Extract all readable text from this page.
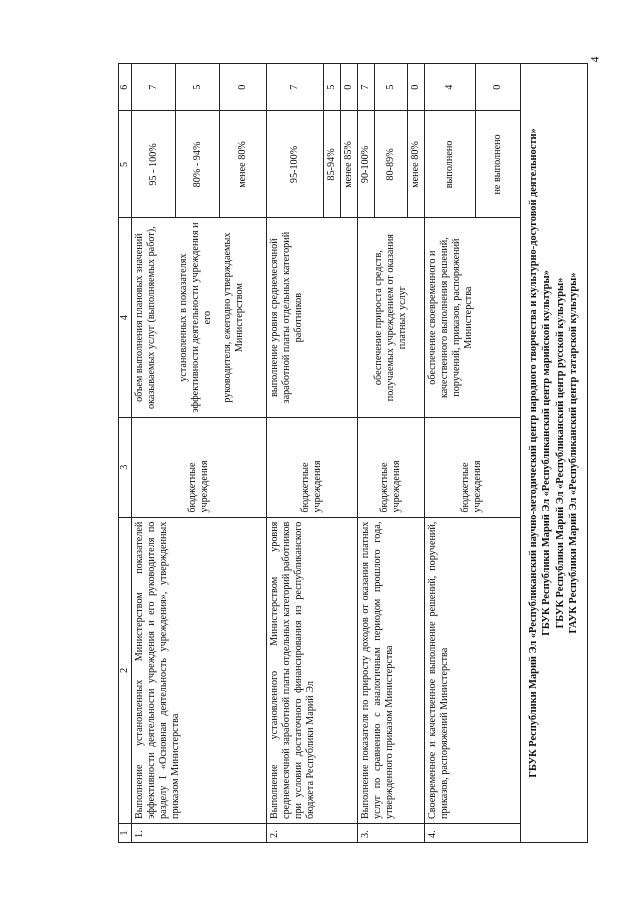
4
1	2	3	4	5	6
1.	Выполнение установленных Министерством показателей эффективности деятельности учреждения и его руководителя по разделу I «Основная деятельность учреждения», утвержденных приказом Министерства	бюджетные учреждения	объем выполнения плановых значений оказываемых услуг (выполняемых работ),	95 - 100%	7
			установленных в показателях эффективности деятельности учреждения и его	80% - 94%	5
			руководителя, ежегодно утверждаемых Министерством	менее 80%	0
2.	Выполнение установленного Министерством уровня среднемесячной заработной платы отдельных категорий работников при условии достаточного финансирования из республиканского бюджета Республики Марий Эл	бюджетные учреждения	выполнение уровня среднемесячной заработной платы отдельных категорий работников	95-100%	7
				85-94%	5
				менее 85%	0
3.	Выполнение показателя по приросту доходов от оказания платных услуг по сравнению с аналогичным периодом прошлого года, утвержденного приказом Министерства	бюджетные учреждения	обеспечение прироста средств, получаемых учреждением от оказания платных услуг	90-100%	7
				80-89%	5
				менее 80%	0
4.	Своевременное и качественное выполнение решений, поручений, приказов, распоряжений Министерства	бюджетные учреждения	обеспечение своевременного и качественного выполнения решений, поручений, приказов, распоряжений Министерства	выполнено	4
				не выполнено	0

ГБУК Республики Марий Эл «Республиканский научно-методический центр народного творчества и культурно-досуговой деятельности» ГБУК Республики Марий Эл «Республиканский центр марийской культуры» ГБУК Республики Марий Эл «Республиканский центр русской культуры» ГАУК Республики Марий Эл «Республиканский центр татарской культуры»					
